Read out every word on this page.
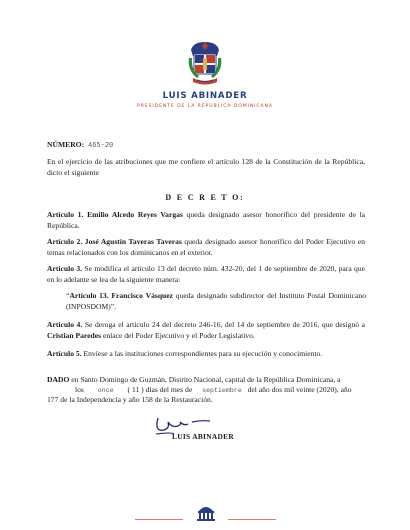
LUIS ABINADER
PRESIDENTE DE LA REPÚBLICA DOMINICANA
NÚMERO: 465-20
En el ejercicio de las atribuciones que me confiere el artículo 128 de la Constitución de la República, dicto el siguiente
D E C R E T O:
Artículo 1. Emilio Alcedo Reyes Vargas queda designado asesor honorífico del presidente de la República.
Artículo 2. José Agustín Taveras Taveras queda designado asesor honorífico del Poder Ejecutivo en temas relacionados con los dominicanos en el exterior.
Artículo 3. Se modifica el artículo 13 del decreto núm. 432-20, del 1 de septiembre de 2020, para que en lo adelante se lea de la siguiente manera:
“Artículo 13. Francisco Vásquez queda designado subdirector del Instituto Postal Dominicano (INPOSDOM)”.
Artículo 4. Se deroga el artículo 24 del decreto 246-16, del 14 de septiembre de 2016, que designó a Cristian Paredes enlace del Poder Ejecutivo y el Poder Legislativo.
Artículo 5. Envíese a las instituciones correspondientes para su ejecución y conocimiento.
DADO en Santo Domingo de Guzmán, Distrito Nacional, capital de la República Dominicana, a
los once ( 11 ) días del mes de septiembre del año dos mil veinte (2020), año
177 de la Independencia y año 158 de la Restauración.
LUIS ABINADER
